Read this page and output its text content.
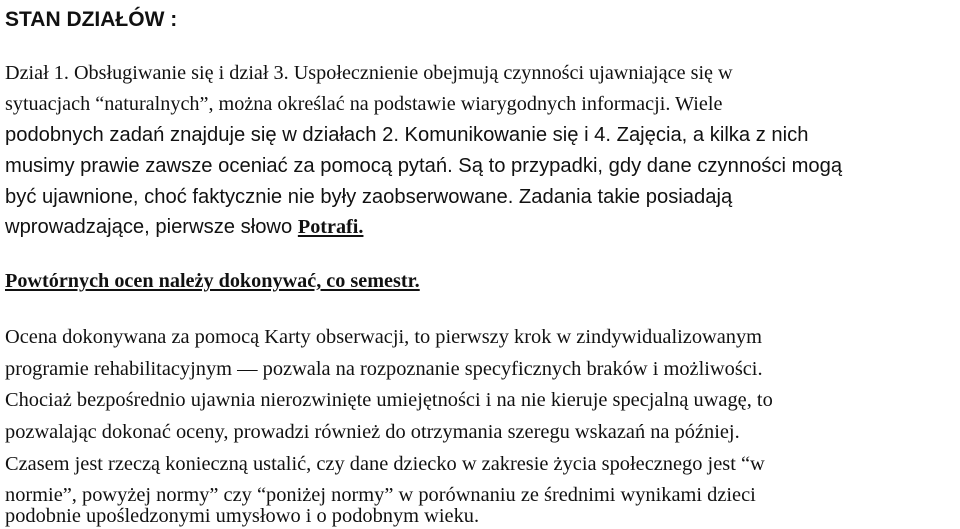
STAN DZIAŁÓW :
Dział 1. Obsługiwanie się i dział 3. Uspołecznienie obejmują czynności ujawniające się w
sytuacjach “naturalnych”, można określać na podstawie wiarygodnych informacji. Wiele
podobnych zadań znajduje się w działach 2. Komunikowanie się i 4. Zajęcia, a kilka z nich
musimy prawie zawsze oceniać za pomocą pytań. Są to przypadki, gdy dane czynności mogą
być ujawnione, choć faktycznie nie były zaobserwowane. Zadania takie posiadają
wprowadzające, pierwsze słowo Potrafi.
Powtórnych ocen należy dokonywać, co semestr.
Ocena dokonywana za pomocą Karty obserwacji, to pierwszy krok w zindywidualizowanym
programie rehabilitacyjnym — pozwala na rozpoznanie specyficznych braków i możliwości.
Chociaż bezpośrednio ujawnia nierozwinięte umiejętności i na nie kieruje specjalną uwagę, to
pozwalając dokonać oceny, prowadzi również do otrzymania szeregu wskazań na później.
Czasem jest rzeczą konieczną ustalić, czy dane dziecko w zakresie życia społecznego jest “w
normie”, powyżej normy” czy “poniżej normy” w porównaniu ze średnimi wynikami dzieci
podobnie upośledzonymi umysłowo i o podobnym wieku.
